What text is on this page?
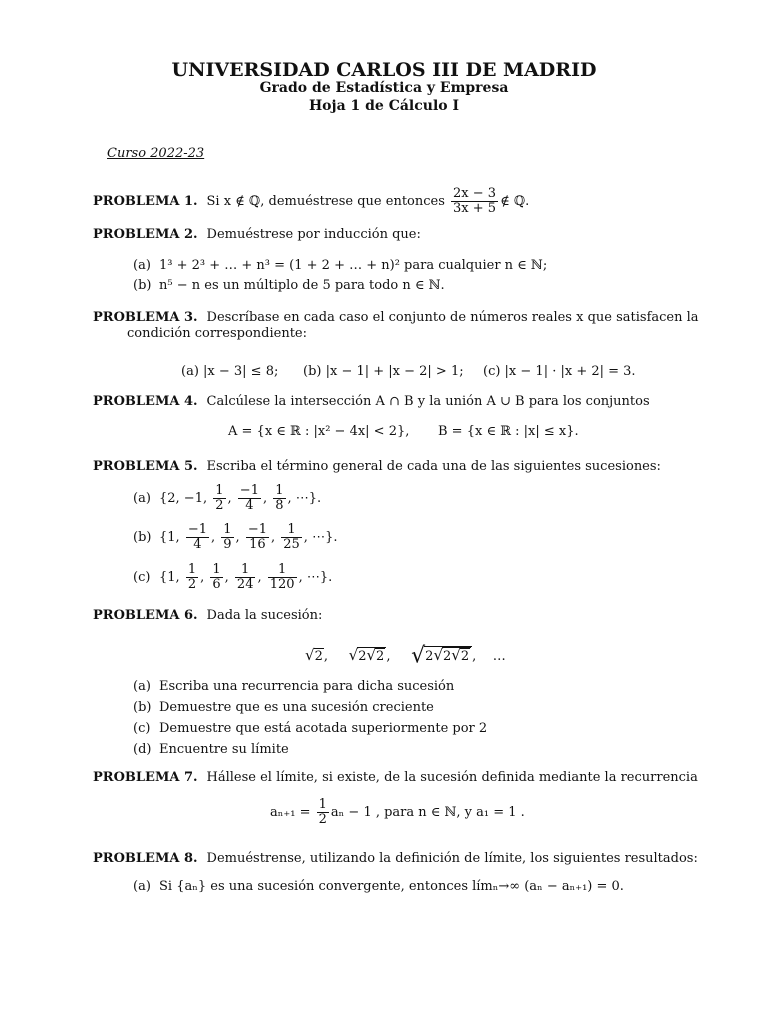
UNIVERSIDAD CARLOS III DE MADRID
Grado de Estadística y Empresa
Hoja 1 de Cálculo I
Curso 2022-23
PROBLEMA 1. Si x ∉ ℚ, demuéstrese que entonces $\frac{2x - 3}{3x + 5}$ ∉ ℚ.
PROBLEMA 2. Demuéstrese por inducción que:
(a) 1³ + 2³ + … + n³ = (1 + 2 + … + n)² para cualquier n ∈ ℕ;
(b) n⁵ − n es un múltiplo de 5 para todo n ∈ ℕ.
PROBLEMA 3. Descríbase en cada caso el conjunto de números reales x que satisfacen la
condición correspondiente:
(a) |x − 3| ≤ 8; (b) |x − 1| + |x − 2| > 1; (c) |x − 1| · |x + 2| = 3.
PROBLEMA 4. Calcúlese la intersección A ∩ B y la unión A ∪ B para los conjuntos
A = {x ∈ ℝ : |x² − 4x| < 2}, B = {x ∈ ℝ : |x| ≤ x}.
PROBLEMA 5. Escriba el término general de cada una de las siguientes sucesiones:
(a) {2, −1, $\frac{1}{2}$ , $\frac{-1}{4}$ , $\frac{1}{8}$ , ⋯}.
(b) {1, $\frac{-1}{4}$ , $\frac{1}{9}$ , $\frac{-1}{16}$ , $\frac{1}{25}$ , ⋯}.
(c) {1, $\frac{1}{2}$ , $\frac{1}{6}$ , $\frac{1}{24}$ , $\frac{1}{120}$ , ⋯}.
PROBLEMA 6. Dada la sucesión:
√2,     √2√2 ,     √2√2√2 ,    …
(a) Escriba una recurrencia para dicha sucesión
(b) Demuestre que es una sucesión creciente
(c) Demuestre que está acotada superiormente por 2
(d) Encuentre su límite
PROBLEMA 7. Hállese el límite, si existe, de la sucesión definida mediante la recurrencia
$a_{n+1} = \frac{1}{2}$ aₙ − 1 , para n ∈ ℕ, y a₁ = 1 .
PROBLEMA 8. Demuéstrense, utilizando la definición de límite, los siguientes resultados:
(a) Si {aₙ} es una sucesión convergente, entonces límₙ→∞ (aₙ − aₙ₊₁) = 0.
